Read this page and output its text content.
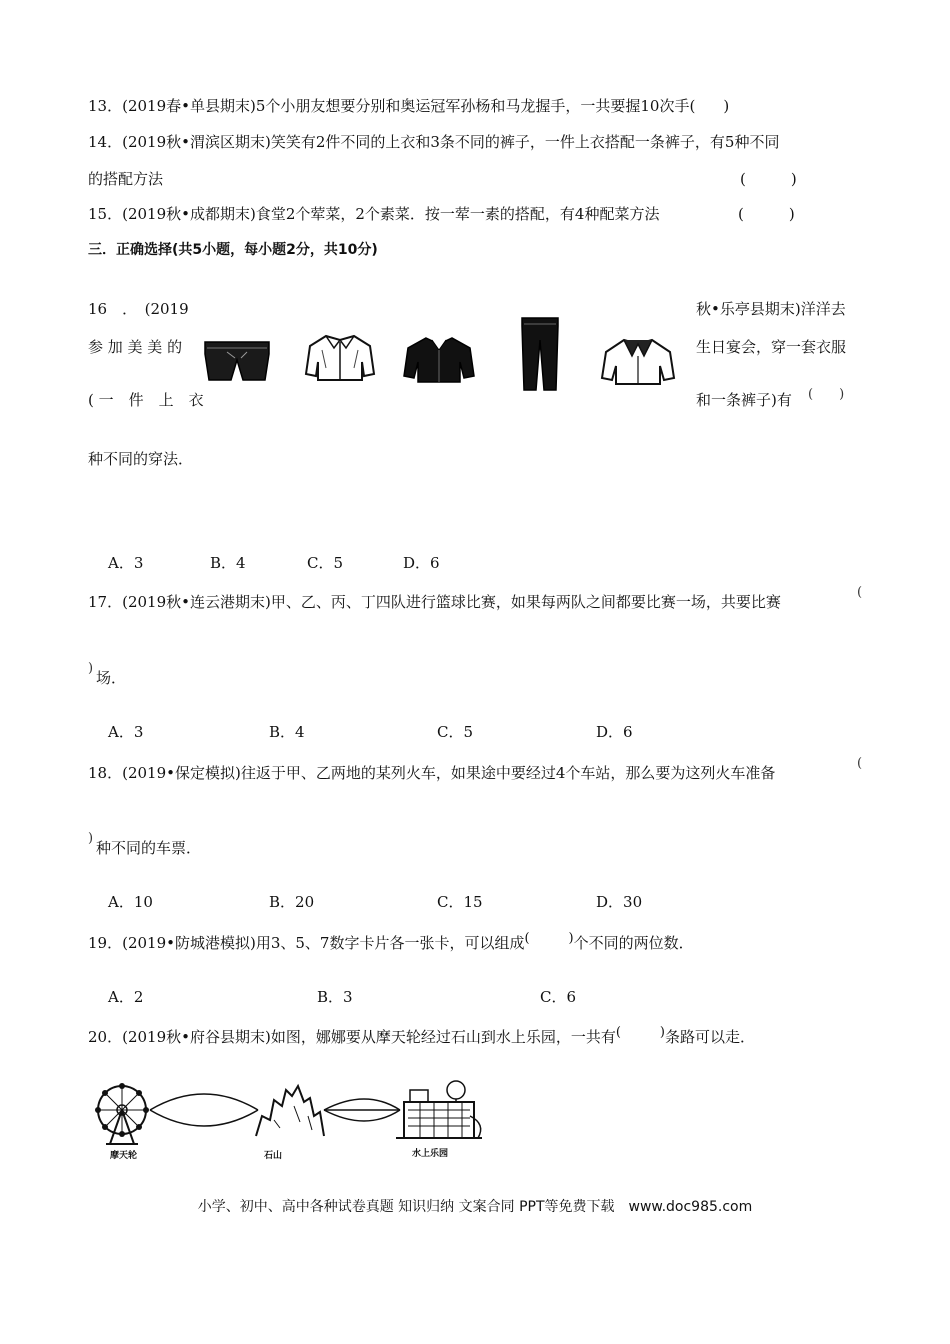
13．(2019春•单县期末)5个小朋友想要分别和奥运冠军孙杨和马龙握手，一共要握10次手( )
14．(2019秋•渭滨区期末)笑笑有2件不同的上衣和3条不同的裤子，一件上衣搭配一条裤子，有5种不同
的搭配方法	(　　　)
15．(2019秋•成都期末)食堂2个荤菜，2个素菜．按一荤一素的搭配，有4种配菜方法	(　　　)
三．正确选择(共5小题，每小题2分，共10分)
16　．　(2019
参 加 美 美 的
( 一　件　上　衣
秋•乐亭县期末)洋洋去
生日宴会，穿一套衣服
和一条裤子)有 (　　)
种不同的穿法．
A．3	B．4	C．5	D．6
17．(2019秋•连云港期末)甲、乙、丙、丁四队进行篮球比赛，如果每两队之间都要比赛一场，共要比赛
(
)
场．
A．3	B．4	C．5	D．6
18．(2019•保定模拟)往返于甲、乙两地的某列火车，如果途中要经过4个车站，那么要为这列火车准备
(
)
种不同的车票．
A．10	B．20	C．15	D．30
19．(2019•防城港模拟)用3、5、7数字卡片各一张卡，可以组成(　　　)个不同的两位数．
A．2	B．3	C．6
20．(2019秋•府谷县期末)如图，娜娜要从摩天轮经过石山到水上乐园，一共有(　　　)条路可以走．
摩天轮	石山	水上乐园
小学、初中、高中各种试卷真题 知识归纳 文案合同 PPT等免费下载　www.doc985.com
